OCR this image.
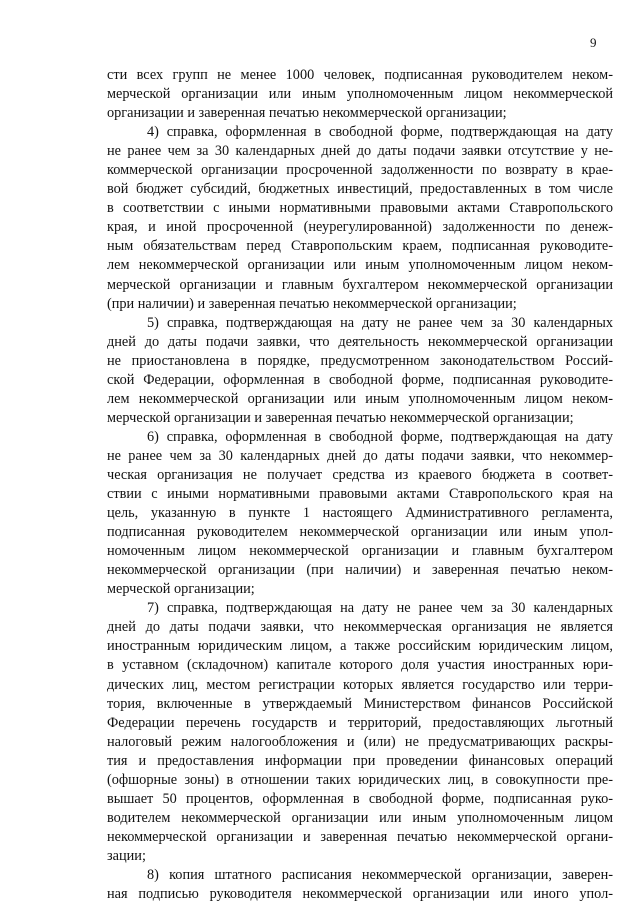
9
сти всех групп не менее 1000 человек, подписанная руководителем неком-
мерческой организации или иным уполномоченным лицом некоммерческой
организации и заверенная печатью некоммерческой организации;
4) справка, оформленная в свободной форме, подтверждающая на дату
не ранее чем за 30 календарных дней до даты подачи заявки отсутствие у не-
коммерческой организации просроченной задолженности по возврату в крае-
вой бюджет субсидий, бюджетных инвестиций, предоставленных в том числе
в соответствии с иными нормативными правовыми актами Ставропольского
края, и иной просроченной (неурегулированной) задолженности по денеж-
ным обязательствам перед Ставропольским краем, подписанная руководите-
лем некоммерческой организации или иным уполномоченным лицом неком-
мерческой организации и главным бухгалтером некоммерческой организации
(при наличии) и заверенная печатью некоммерческой организации;
5) справка, подтверждающая на дату не ранее чем за 30 календарных
дней до даты подачи заявки, что деятельность некоммерческой организации
не приостановлена в порядке, предусмотренном законодательством Россий-
ской Федерации, оформленная в свободной форме, подписанная руководите-
лем некоммерческой организации или иным уполномоченным лицом неком-
мерческой организации и заверенная печатью некоммерческой организации;
6) справка, оформленная в свободной форме, подтверждающая на дату
не ранее чем за 30 календарных дней до даты подачи заявки, что некоммер-
ческая организация не получает средства из краевого бюджета в соответ-
ствии с иными нормативными правовыми актами Ставропольского края на
цель, указанную в пункте 1 настоящего Административного регламента,
подписанная руководителем некоммерческой организации или иным упол-
номоченным лицом некоммерческой организации и главным бухгалтером
некоммерческой организации (при наличии) и заверенная печатью неком-
мерческой организации;
7) справка, подтверждающая на дату не ранее чем за 30 календарных
дней до даты подачи заявки, что некоммерческая организация не является
иностранным юридическим лицом, а также российским юридическим лицом,
в уставном (складочном) капитале которого доля участия иностранных юри-
дических лиц, местом регистрации которых является государство или терри-
тория, включенные в утверждаемый Министерством финансов Российской
Федерации перечень государств и территорий, предоставляющих льготный
налоговый режим налогообложения и (или) не предусматривающих раскры-
тия и предоставления информации при проведении финансовых операций
(офшорные зоны) в отношении таких юридических лиц, в совокупности пре-
вышает 50 процентов, оформленная в свободной форме, подписанная руко-
водителем некоммерческой организации или иным уполномоченным лицом
некоммерческой организации и заверенная печатью некоммерческой органи-
зации;
8) копия штатного расписания некоммерческой организации, заверен-
ная подписью руководителя некоммерческой организации или иного упол-
